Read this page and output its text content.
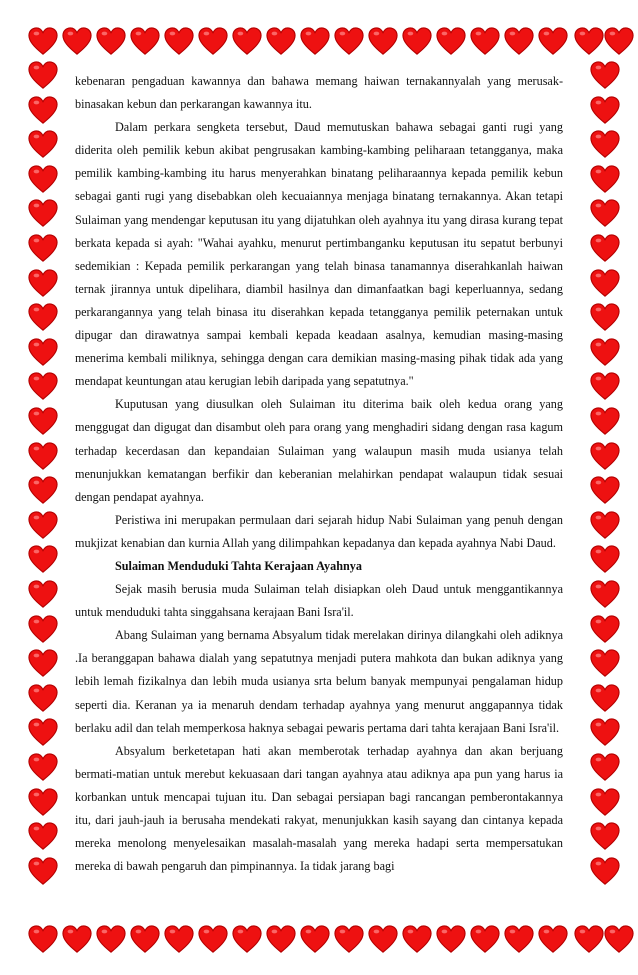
kebenaran pengaduan kawannya dan bahawa memang haiwan ternakannyalah yang merusak-binasakan kebun dan perkarangan kawannya itu.

Dalam perkara sengketa tersebut, Daud memutuskan bahawa sebagai ganti rugi yang diderita oleh pemilik kebun akibat pengrusakan kambing-kambing peliharaan tetangganya, maka pemilik kambing-kambing itu harus menyerahkan binatang peliharaannya kepada pemilik kebun sebagai ganti rugi yang disebabkan oleh kecuaiannya menjaga binatang ternakannya. Akan tetapi Sulaiman yang mendengar keputusan itu yang dijatuhkan oleh ayahnya itu yang dirasa kurang tepat berkata kepada si ayah: "Wahai ayahku, menurut pertimbanganku keputusan itu sepatut berbunyi sedemikian : Kepada pemilik perkarangan yang telah binasa tanamannya diserahkanlah haiwan ternak jirannya untuk dipelihara, diambil hasilnya dan dimanfaatkan bagi keperluannya, sedang perkarangannya yang telah binasa itu diserahkan kepada tetangganya pemilik peternakan untuk dipugar dan dirawatnya sampai kembali kepada keadaan asalnya, kemudian masing-masing menerima kembali miliknya, sehingga dengan cara demikian masing-masing pihak tidak ada yang mendapat keuntungan atau kerugian lebih daripada yang sepatutnya."

Kuputusan yang diusulkan oleh Sulaiman itu diterima baik oleh kedua orang yang menggugat dan digugat dan disambut oleh para orang yang menghadiri sidang dengan rasa kagum terhadap kecerdasan dan kepandaian Sulaiman yang walaupun masih muda usianya telah menunjukkan kematangan berfikir dan keberanian melahirkan pendapat walaupun tidak sesuai dengan pendapat ayahnya.

Peristiwa ini merupakan permulaan dari sejarah hidup Nabi Sulaiman yang penuh dengan mukjizat kenabian dan kurnia Allah yang dilimpahkan kepadanya dan kepada ayahnya Nabi Daud.

Sulaiman Menduduki Tahta Kerajaan Ayahnya

Sejak masih berusia muda Sulaiman telah disiapkan oleh Daud untuk menggantikannya untuk menduduki tahta singgahsana kerajaan Bani Isra'il.

Abang Sulaiman yang bernama Absyalum tidak merelakan dirinya dilangkahi oleh adiknya .Ia beranggapan bahawa dialah yang sepatutnya menjadi putera mahkota dan bukan adiknya yang lebih lemah fizikalnya dan lebih muda usianya srta belum banyak mempunyai pengalaman hidup seperti dia. Keranan ya ia menaruh dendam terhadap ayahnya yang menurut anggapannya tidak berlaku adil dan telah memperkosa haknya sebagai pewaris pertama dari tahta kerajaan Bani Isra'il.

Absyalum berketetapan hati akan memberotak terhadap ayahnya dan akan berjuang bermati-matian untuk merebut kekuasaan dari tangan ayahnya atau adiknya apa pun yang harus ia korbankan untuk mencapai tujuan itu. Dan sebagai persiapan bagi rancangan pemberontakannya itu, dari jauh-jauh ia berusaha mendekati rakyat, menunjukkan kasih sayang dan cintanya kepada mereka menolong menyelesaikan masalah-masalah yang mereka hadapi serta mempersatukan mereka di bawah pengaruh dan pimpinannya. Ia tidak jarang bagi
